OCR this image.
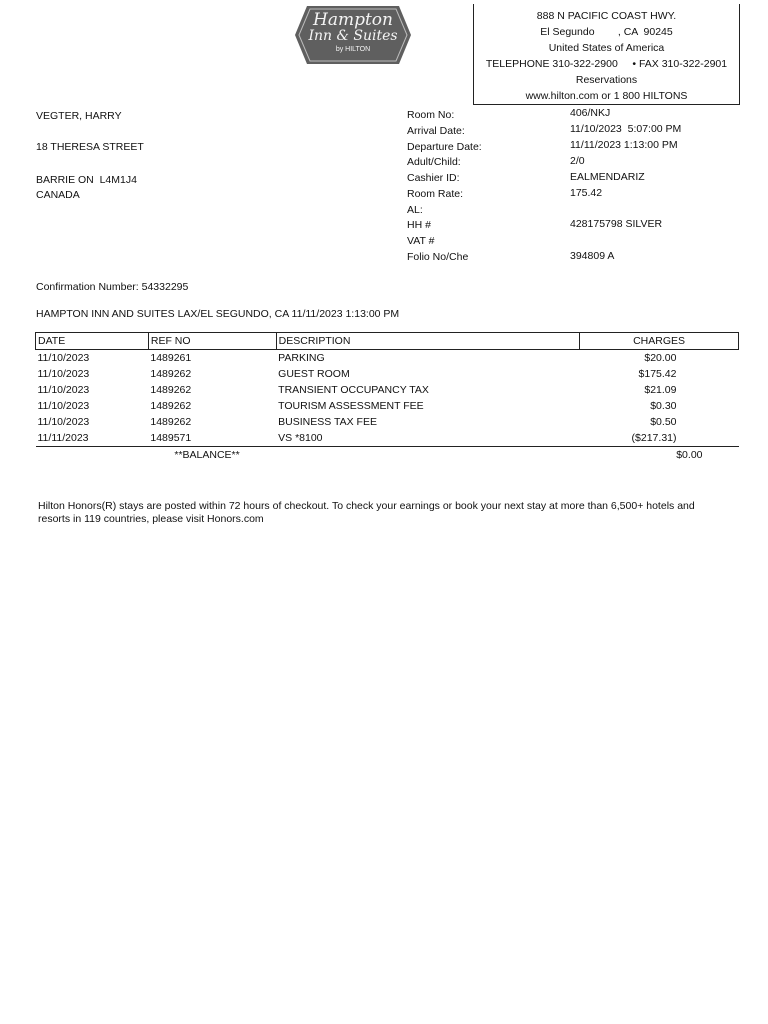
Hampton
Inn & Suites
by HILTON
888 N PACIFIC COAST HWY.
El Segundo        , CA  90245
United States of America
TELEPHONE 310-322-2900     • FAX 310-322-2901
Reservations
www.hilton.com or 1 800 HILTONS
VEGTER, HARRY
18 THERESA STREET
BARRIE ON  L4M1J4
CANADA
Room No:	406/NKJ
Arrival Date:	11/10/2023  5:07:00 PM
Departure Date:	11/11/2023 1:13:00 PM
Adult/Child:	2/0
Cashier ID:	EALMENDARIZ
Room Rate:	175.42
AL:
HH #	428175798 SILVER
VAT #
Folio No/Che	394809 A
Confirmation Number: 54332295
HAMPTON INN AND SUITES LAX/EL SEGUNDO, CA 11/11/2023 1:13:00 PM
DATE	REF NO	DESCRIPTION	CHARGES
11/10/2023	1489261	PARKING	$20.00
11/10/2023	1489262	GUEST ROOM	$175.42
11/10/2023	1489262	TRANSIENT OCCUPANCY TAX	$21.09
11/10/2023	1489262	TOURISM ASSESSMENT FEE	$0.30
11/10/2023	1489262	BUSINESS TAX FEE	$0.50
11/11/2023	1489571	VS *8100	($217.31)
	**BALANCE**		$0.00
Hilton Honors(R) stays are posted within 72 hours of checkout. To check your earnings or book your next stay at more than 6,500+ hotels and resorts in 119 countries, please visit Honors.com
